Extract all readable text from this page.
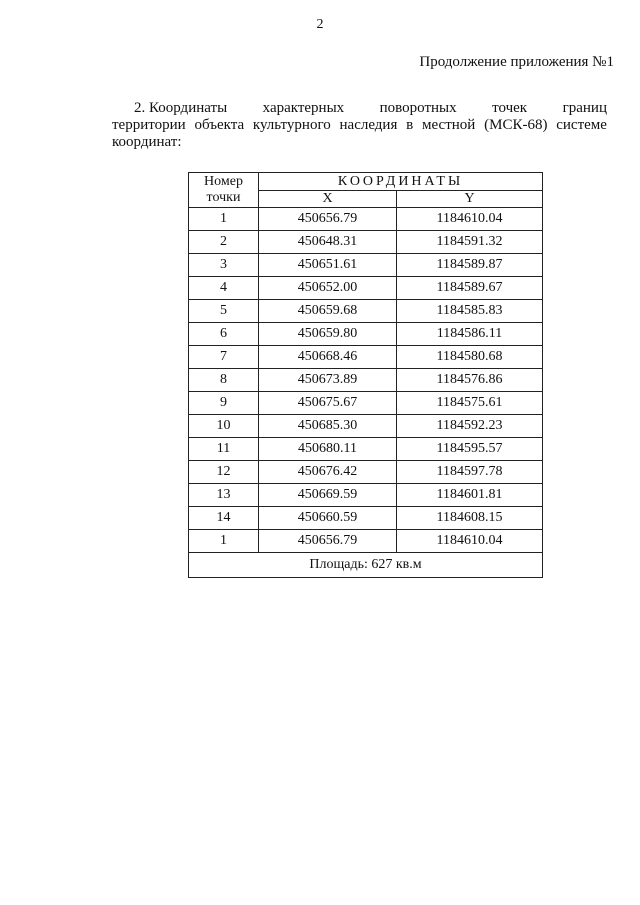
2
Продолжение приложения №1
2. Координаты характерных поворотных точек границ
территории объекта культурного наследия в местной (МСК-68) системе
координат:
Номер
точки	КООРДИНАТЫ	
	X	Y
1	450656.79	1184610.04
2	450648.31	1184591.32
3	450651.61	1184589.87
4	450652.00	1184589.67
5	450659.68	1184585.83
6	450659.80	1184586.11
7	450668.46	1184580.68
8	450673.89	1184576.86
9	450675.67	1184575.61
10	450685.30	1184592.23
11	450680.11	1184595.57
12	450676.42	1184597.78
13	450669.59	1184601.81
14	450660.59	1184608.15
1	450656.79	1184610.04
Площадь: 627 кв.м		
